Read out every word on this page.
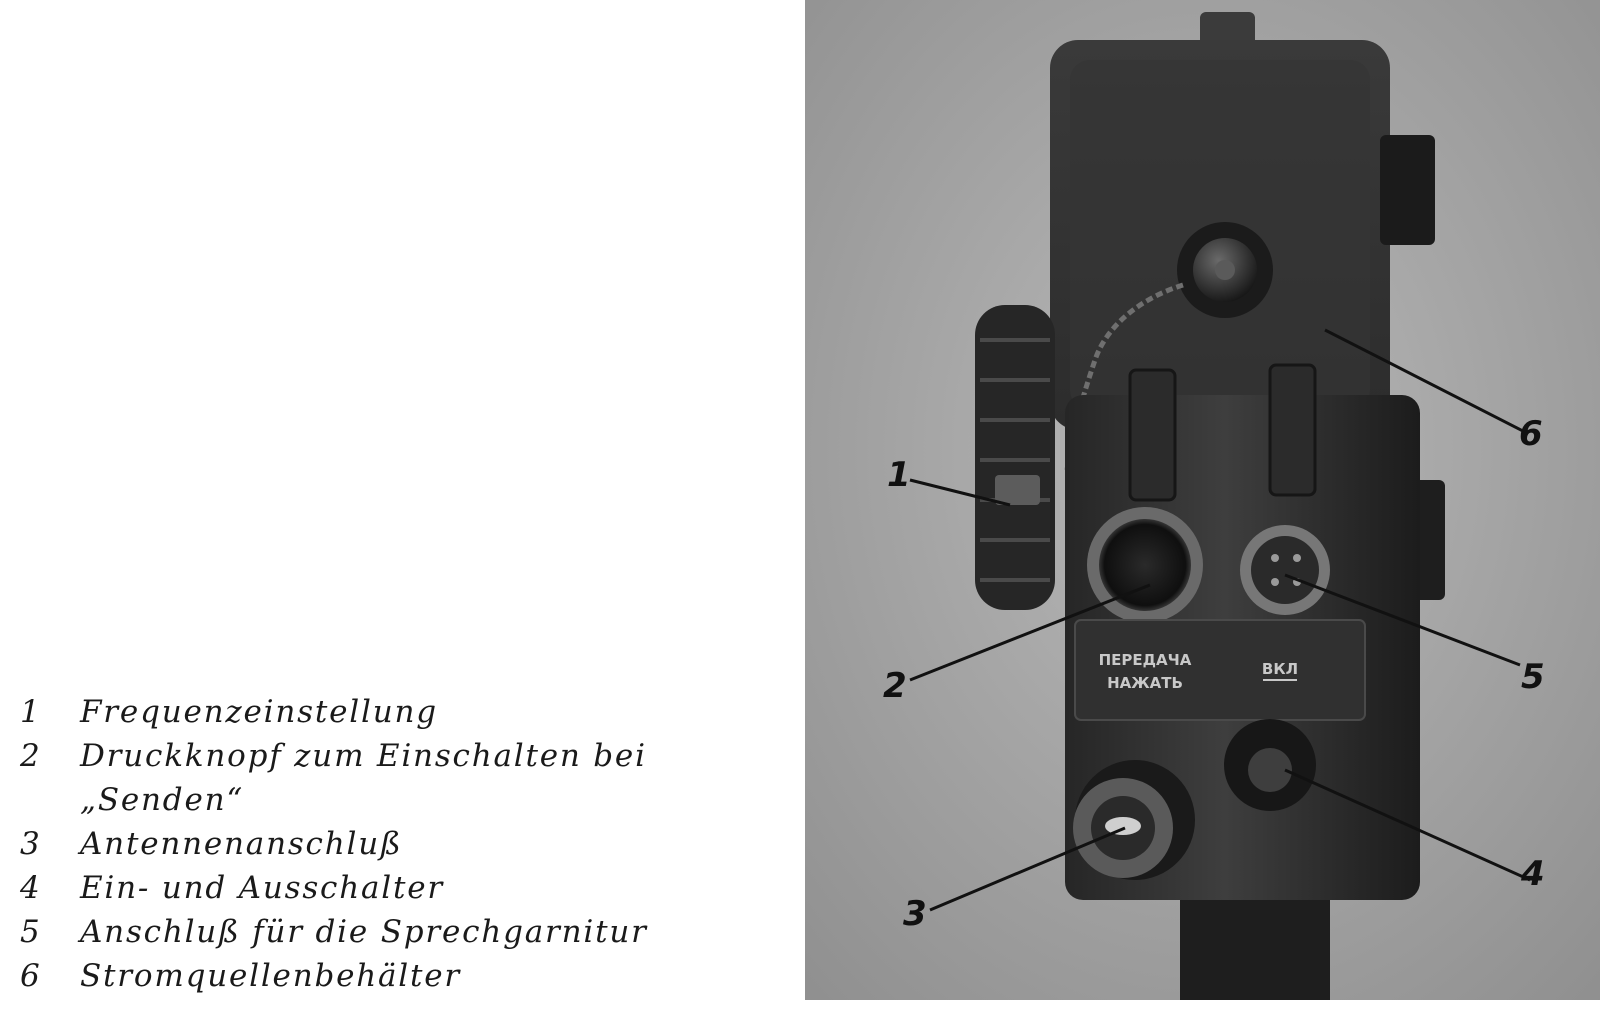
1	Frequenzeinstellung
2	Druckknopf zum Einschalten bei
„Senden“
3	Antennenanschluß
4	Ein- und Ausschalter
5	Anschluß für die Sprechgarnitur
6	Stromquellenbehälter
ПЕРЕДАЧА
НАЖАТЬ
ВКЛ
1
2
3
4
5
6
